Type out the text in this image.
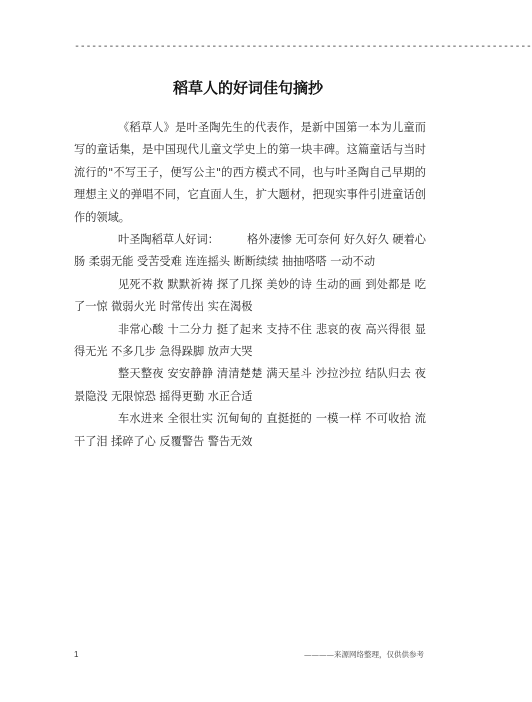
--------------------------------------------------------------------------------
稻草人的好词佳句摘抄

《稻草人》是叶圣陶先生的代表作，是新中国第一本为儿童而写的童话集，是中国现代儿童文学史上的第一块丰碑。这篇童话与当时流行的"不写王子，便写公主"的西方模式不同，也与叶圣陶自己早期的理想主义的弹唱不同，它直面人生，扩大题材，把现实事件引进童话创作的领域。

叶圣陶稻草人好词：　　　格外凄惨 无可奈何 好久好久 硬着心肠 柔弱无能 受苦受难 连连摇头 断断续续 抽抽嗒嗒 一动不动

见死不救 默默祈祷 探了几探 美妙的诗 生动的画 到处都是 吃了一惊 微弱火光 时常传出 实在渴极

非常心酸 十二分力 挺了起来 支持不住 悲哀的夜 高兴得很 显得无光 不多几步 急得跺脚 放声大哭

整天整夜 安安静静 清清楚楚 满天星斗 沙拉沙拉 结队归去 夜景隐没 无限惊恐 摇得更勤 水正合适

车水进来 全很壮实 沉甸甸的 直挺挺的 一模一样 不可收拾 流干了泪 揉碎了心 反覆警告 警告无效

1	————来源网络整理，仅供供参考
